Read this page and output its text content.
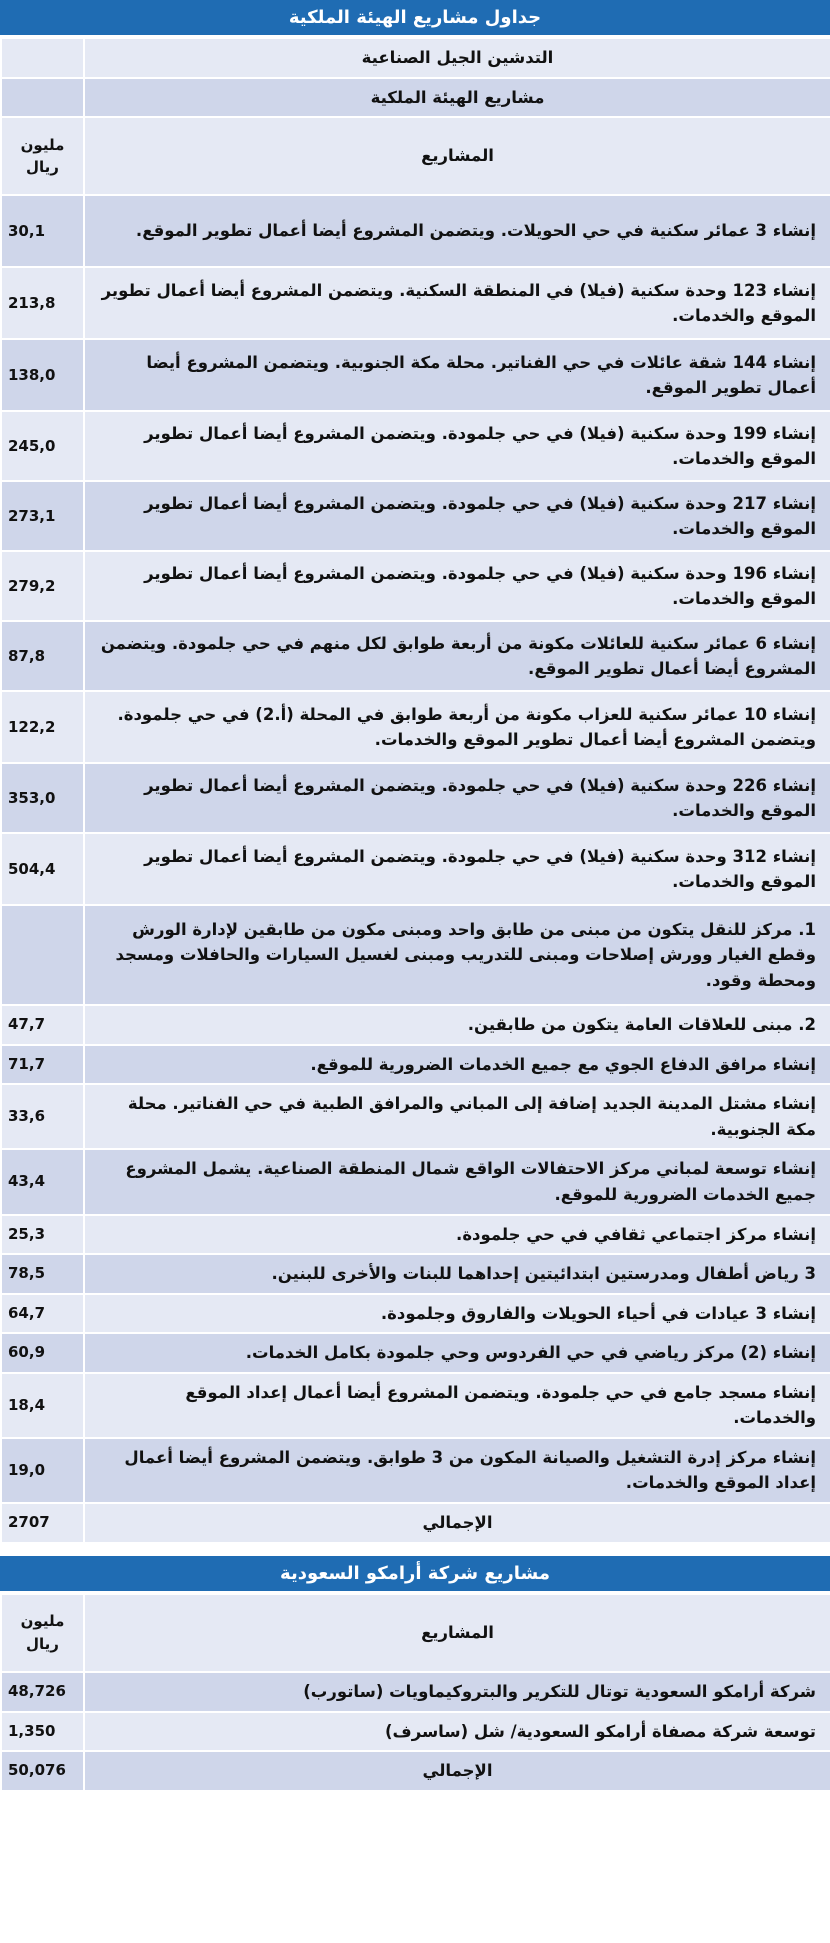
جداول مشاريع الهيئة الملكية
	التدشين الجيل الصناعية
	مشاريع الهيئة الملكية
مليون
ريال	المشاريع
30,1	إنشاء 3 عمائر سكنية في حي الحويلات. ويتضمن المشروع أيضا أعمال تطوير الموقع.
213,8	إنشاء 123 وحدة سكنية (فيلا) في المنطقة السكنية. ويتضمن المشروع أيضا أعمال تطوير الموقع والخدمات.
138,0	إنشاء 144 شقة عائلات في حي الفناتير. محلة مكة الجنوبية. ويتضمن المشروع أيضا أعمال تطوير الموقع.
245,0	إنشاء 199 وحدة سكنية (فيلا) في حي جلمودة. ويتضمن المشروع أيضا أعمال تطوير الموقع والخدمات.
273,1	إنشاء 217 وحدة سكنية (فيلا) في حي جلمودة. ويتضمن المشروع أيضا أعمال تطوير الموقع والخدمات.
279,2	إنشاء 196 وحدة سكنية (فيلا) في حي جلمودة. ويتضمن المشروع أيضا أعمال تطوير الموقع والخدمات.
87,8	إنشاء 6 عمائر سكنية للعائلات مكونة من أربعة طوابق لكل منهم في حي جلمودة. ويتضمن المشروع أيضا أعمال تطوير الموقع.
122,2	إنشاء 10 عمائر سكنية للعزاب مكونة من أربعة طوابق في المحلة (أ.2) في حي جلمودة. ويتضمن المشروع أيضا أعمال تطوير الموقع والخدمات.
353,0	إنشاء 226 وحدة سكنية (فيلا) في حي جلمودة. ويتضمن المشروع أيضا أعمال تطوير الموقع والخدمات.
504,4	إنشاء 312 وحدة سكنية (فيلا) في حي جلمودة. ويتضمن المشروع أيضا أعمال تطوير الموقع والخدمات.
	1. مركز للنقل يتكون من مبنى من طابق واحد ومبنى مكون من طابقين لإدارة الورش وقطع الغيار وورش إصلاحات ومبنى للتدريب ومبنى لغسيل السيارات والحافلات ومسجد ومحطة وقود.
47,7	2. مبنى للعلاقات العامة يتكون من طابقين.
71,7	إنشاء مرافق الدفاع الجوي مع جميع الخدمات الضرورية للموقع.
33,6	إنشاء مشتل المدينة الجديد إضافة إلى المباني والمرافق الطبية في حي الفناتير. محلة مكة الجنوبية.
43,4	إنشاء توسعة لمباني مركز الاحتفالات الواقع شمال المنطقة الصناعية. يشمل المشروع جميع الخدمات الضرورية للموقع.
25,3	إنشاء مركز اجتماعي ثقافي في حي جلمودة.
78,5	3 رياض أطفال ومدرستين ابتدائيتين إحداهما للبنات والأخرى للبنين.
64,7	إنشاء 3 عيادات في أحياء الحويلات والفاروق وجلمودة.
60,9	إنشاء (2) مركز رياضي في حي الفردوس وحي جلمودة بكامل الخدمات.
18,4	إنشاء مسجد جامع في حي جلمودة. ويتضمن المشروع أيضا أعمال إعداد الموقع والخدمات.
19,0	إنشاء مركز إدرة التشغيل والصيانة المكون من 3 طوابق. ويتضمن المشروع أيضا أعمال إعداد الموقع والخدمات.
2707	الإجمالي
مشاريع شركة أرامكو السعودية
مليون
ريال	المشاريع
48,726	شركة أرامكو السعودية توتال للتكرير والبتروكيماويات (ساتورب)
1,350	توسعة شركة مصفاة أرامكو السعودية/ شل (ساسرف)
50,076	الإجمالي
